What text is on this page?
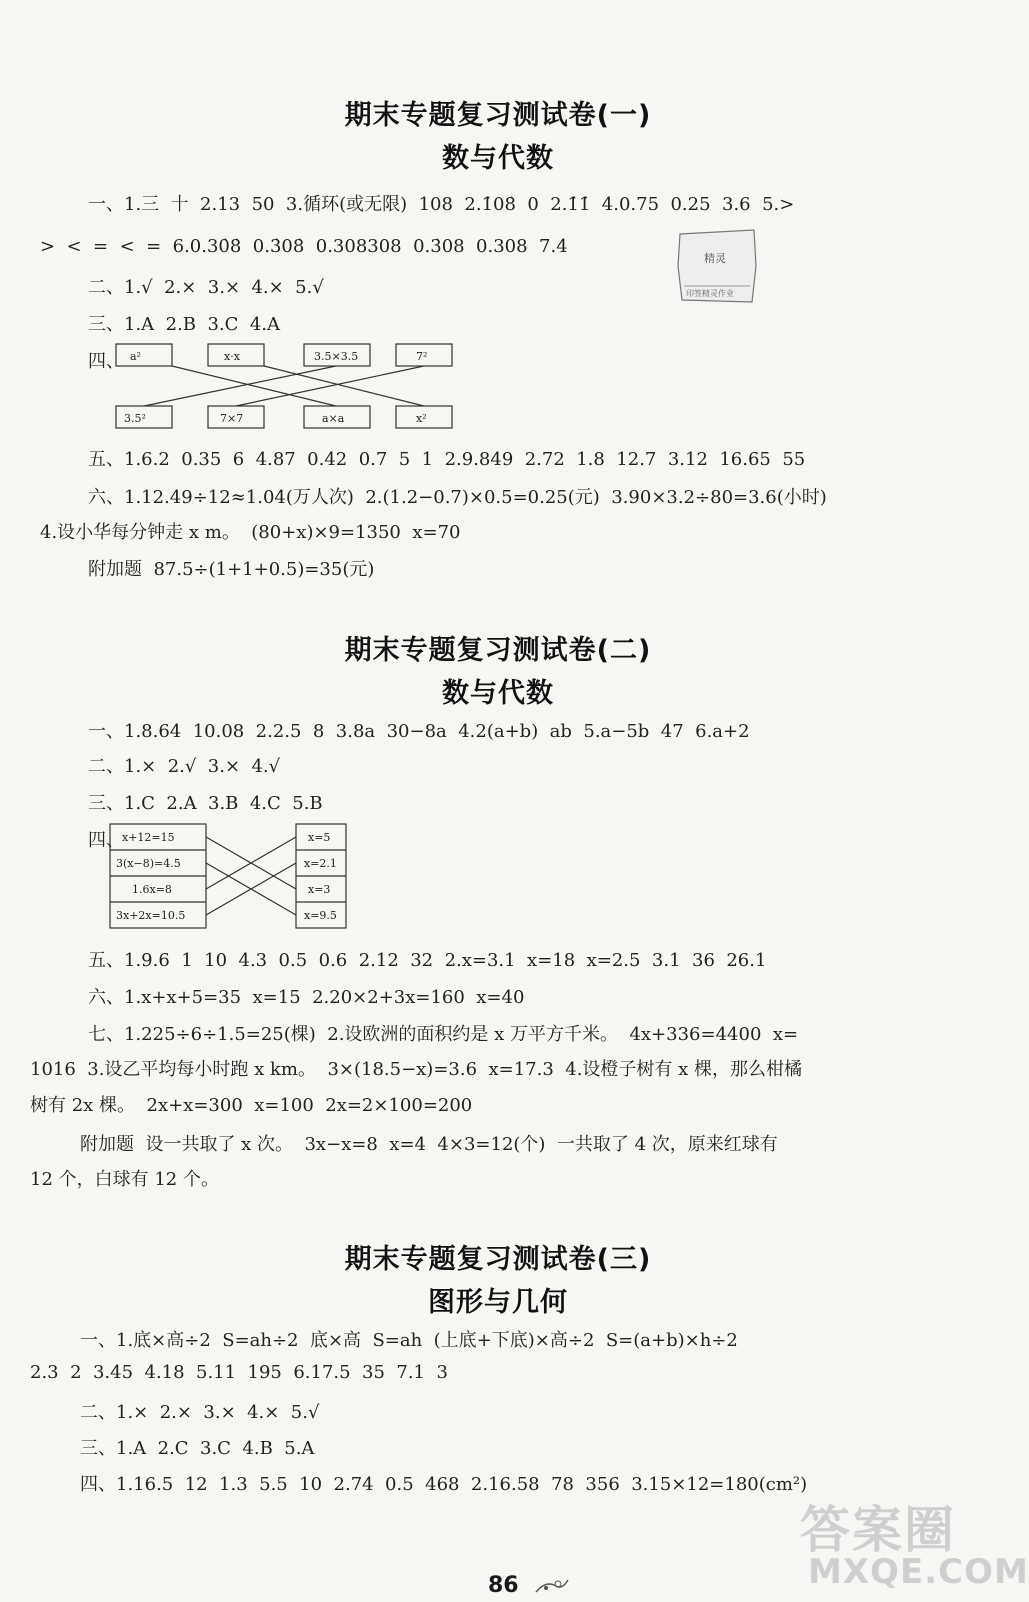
期末专题复习测试卷(一)
数与代数
一、1.三  十  2.13  50  3.循环(或无限)  108  2.1̇08̇  0  2.1̇1̇  4.0.75  0.25  3.6  5.>
>  <  =  <  =  6.0.30̇8̇  0.3̇08̇  0.308308  0.3̇08  0.308  7.4
精灵
印签精灵作业
二、1.√  2.×  3.×  4.×  5.√
三、1.A  2.B  3.C  4.A
四、 a²	x·x	3.5×3.5	7²
3.5²	7×7	a×a	x²
五、1.6.2  0.35  6  4.87  0.42  0.7  5  1  2.9.849  2.72  1.8  12.7  3.12  16.65  55
六、1.12.49÷12≈1.04(万人次)  2.(1.2−0.7)×0.5=0.25(元)  3.90×3.2÷80=3.6(小时)
4.设小华每分钟走 x m。  (80+x)×9=1350  x=70
附加题  87.5÷(1+1+0.5)=35(元)
期末专题复习测试卷(二)
数与代数
一、1.8.64  10.08  2.2.5  8  3.8a  30−8a  4.2(a+b)  ab  5.a−5b  47  6.a+2
二、1.×  2.√  3.×  4.√
三、1.C  2.A  3.B  4.C  5.B
四、
x+12=15
3(x−8)=4.5
1.6x=8
3x+2x=10.5
x=5
x=2.1
x=3
x=9.5
五、1.9.6  1  10  4.3  0.5  0.6  2.12  32  2.x=3.1  x=18  x=2.5  3.1  36  26.1
六、1.x+x+5=35  x=15  2.20×2+3x=160  x=40
七、1.225÷6÷1.5=25(棵)  2.设欧洲的面积约是 x 万平方千米。  4x+336=4400  x=
1016  3.设乙平均每小时跑 x km。  3×(18.5−x)=3.6  x=17.3  4.设橙子树有 x 棵，那么柑橘
树有 2x 棵。  2x+x=300  x=100  2x=2×100=200
附加题  设一共取了 x 次。  3x−x=8  x=4  4×3=12(个)  一共取了 4 次，原来红球有
12 个，白球有 12 个。
期末专题复习测试卷(三)
图形与几何
一、1.底×高÷2  S=ah÷2  底×高  S=ah  (上底+下底)×高÷2  S=(a+b)×h÷2
2.3  2  3.45  4.18  5.11  195  6.17.5  35  7.1  3
二、1.×  2.×  3.×  4.×  5.√
三、1.A  2.C  3.C  4.B  5.A
四、1.16.5  12  1.3  5.5  10  2.74  0.5  468  2.16.58  78  356  3.15×12=180(cm²)
86
答案圈
MXQE.COM
